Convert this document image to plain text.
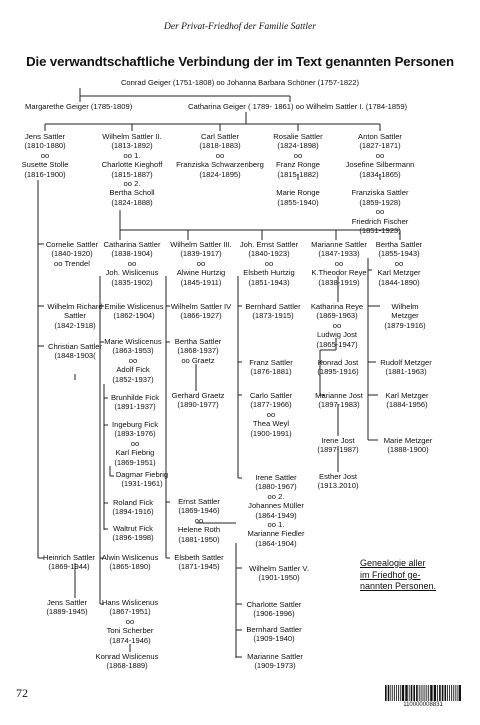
Der Privat-Friedhof der Familie Sattler
Die verwandtschaftliche Verbindung der im Text genannten Personen
Conrad Geiger (1751-1808) oo Johanna Barbara Schöner (1757-1822)
Margarethe Geiger (1785-1809)	Catharina Geiger ( 1789- 1861) oo Wilhelm Sattler I. (1784-1859)
Jens Sattler
(1810-1880)
oo
Susette Stolle
(1816-1900)
Wilhelm Sattler II.
(1813-1892)
oo 1.
Charlotte Kieghoff
(1815-1887)
oo 2.
Bertha Scholl
(1824-1888)
Carl Sattler
(1818-1883)
oo
Franziska Schwarzenberg
(1824-1895)
Rosalie Sattler
(1824-1898)
oo
Franz Ronge
(1815-1882)

Marie Ronge
(1855-1940)
Anton Sattler
(1827-1871)
oo
Josefine Silbermann
(1834-1865)

Franziska Sattler
(1859-1928)
oo
Friedrich Fischer
(1851-1923)
Cornelie Sattler
(1840-1920)
oo Trendel
Wilhelm Richard
Sattler
(1842-1918)
Christian Sattler
(1848-1903(
Catharina Sattler
(1838-1904)
oo
Joh. Wislicenus
(1835-1902)
Emilie Wislicenus
(1862-1904)
Marie Wislicenus
(1863-1953)
oo
Adolf Fick
(1852-1937)
Brunhilde Fick
(1891-1937)
Ingeburg Fick
(1893-1976)
oo
Karl Fiebrig
(1869-1951)
Dagmar Fiebrig
(1931-1961)
Roland Fick
(1894-1916)
Waltrut Fick
(1896-1998)
Wilhelm Sattler III.
(1839-1917)
oo
Alwine Hurtzig
(1845-1911)
Wilhelm Sattler IV
(1866-1927)
Bertha Sattler
(1868-1937)
oo Graetz
Gerhard Graetz
(1890-1977)
Ernst Sattler
(1869-1946)
oo
Helene Roth
(1881-1950)
Elsbeth Sattler
(1871-1945)
Joh. Ernst Sattler
(1840-1923)
oo
Elsbeth Hurtzig
(1851-1943)
Bernhard Sattler
(1873-1915)
Franz Sattler
(1876-1881)
Carlo Sattler
(1877-1966)
oo
Thea Weyl
(1900-1991)
Irene Sattler
(1880-1967)
oo 2.
Johannes Müller
(1864-1949)
oo 1.
Marianne Fiedler
(1864-1904)
Wilhelm Sattler V.
(1901-1950)
Charlotte Sattler
(1906-1996)
Bernhard Sattler
(1909-1940)
Marianne Sattler
(1909-1973)
Marianne Sattler
(1847-1933)
oo
K.Theodor Reye
(1838-1919)
Katharina Reye
(1869-1963)
oo
Ludwig Jost
(1865-1947)
Konrad Jost
(1895-1916)
Marianne Jost
(1897-1983)
Irene Jost
(1897-1987)
Esther Jost
(1913.2010)
Bertha Sattler
(1855-1943)
oo
Karl Metzger
(1844-1890)
Wilhelm
Metzger
(1879-1916)
Rudolf Metzger
(1881-1963)
Karl Metzger
(1884-1956)
Marie Metzger
(1888-1900)
Heinrich Sattler
(1869-1944)
Jens Sattler
(1889-1945)
Alwin Wislicenus
(1865-1890)
Hans Wislicenus
(1867-1951)
oo
Toni Scherber
(1874-1946)
Konrad Wislicenus
(1868-1889)
Genealogie aller
im Friedhof ge-
nannten Personen.
72
110000008831
